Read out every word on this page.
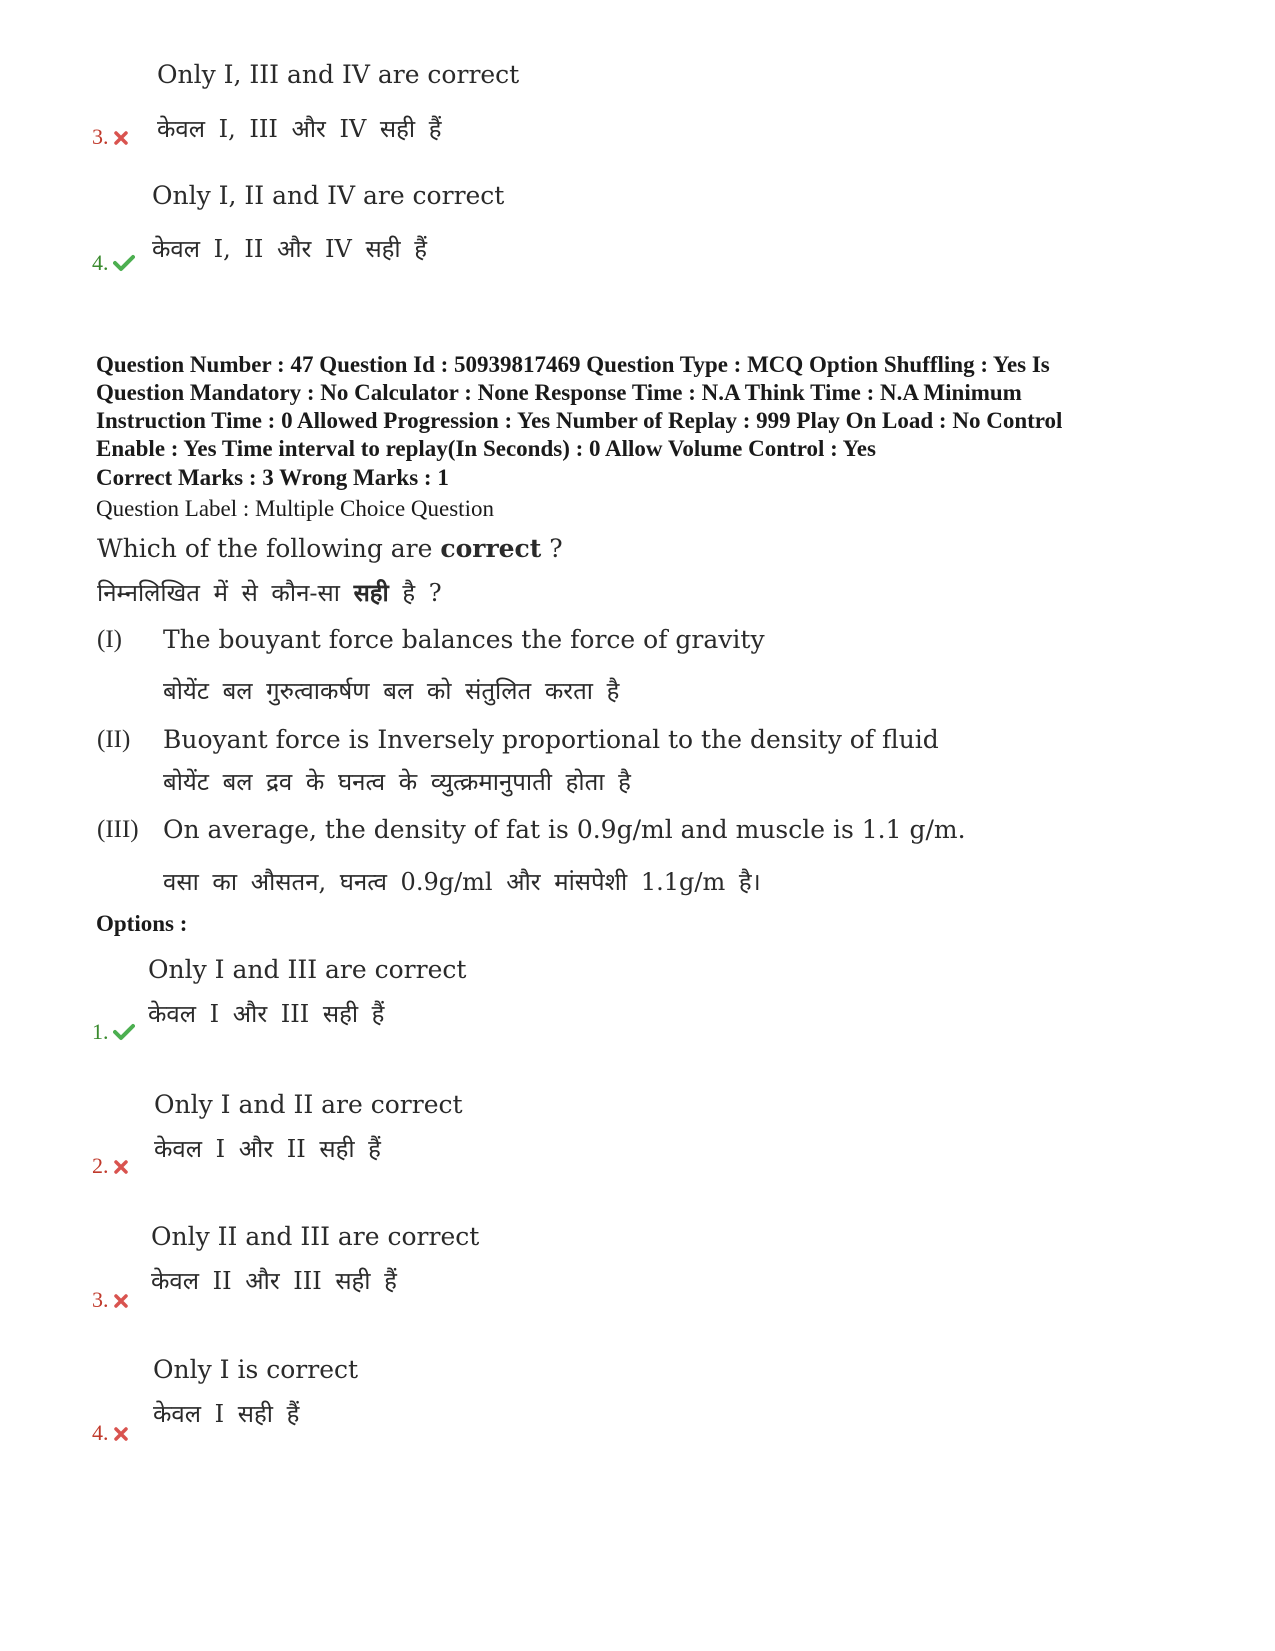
Only I, III and IV are correct
केवल I, III और IV सही हैं
3.
Only I, II and IV are correct
केवल I, II और IV सही हैं
4.
Question Number : 47 Question Id : 50939817469 Question Type : MCQ Option Shuffling : Yes Is
Question Mandatory : No Calculator : None Response Time : N.A Think Time : N.A Minimum
Instruction Time : 0 Allowed Progression : Yes Number of Replay : 999 Play On Load : No Control
Enable : Yes Time interval to replay(In Seconds) : 0 Allow Volume Control : Yes
Correct Marks : 3 Wrong Marks : 1
Question Label : Multiple Choice Question
Which of the following are correct ?
निम्नलिखित में से कौन-सा सही है ?
(I) The bouyant force balances the force of gravity
बोयेंट बल गुरुत्वाकर्षण बल को संतुलित करता है
(II) Buoyant force is Inversely proportional to the density of fluid
बोयेंट बल द्रव के घनत्व के व्युत्क्रमानुपाती होता है
(III) On average, the density of fat is 0.9g/ml and muscle is 1.1 g/m.
वसा का औसतन, घनत्व 0.9g/ml और मांसपेशी 1.1g/m है।
Options :
Only I and III are correct
केवल I और III सही हैं
1.
Only I and II are correct
केवल I और II सही हैं
2.
Only II and III are correct
केवल II और III सही हैं
3.
Only I is correct
केवल I सही हैं
4.
